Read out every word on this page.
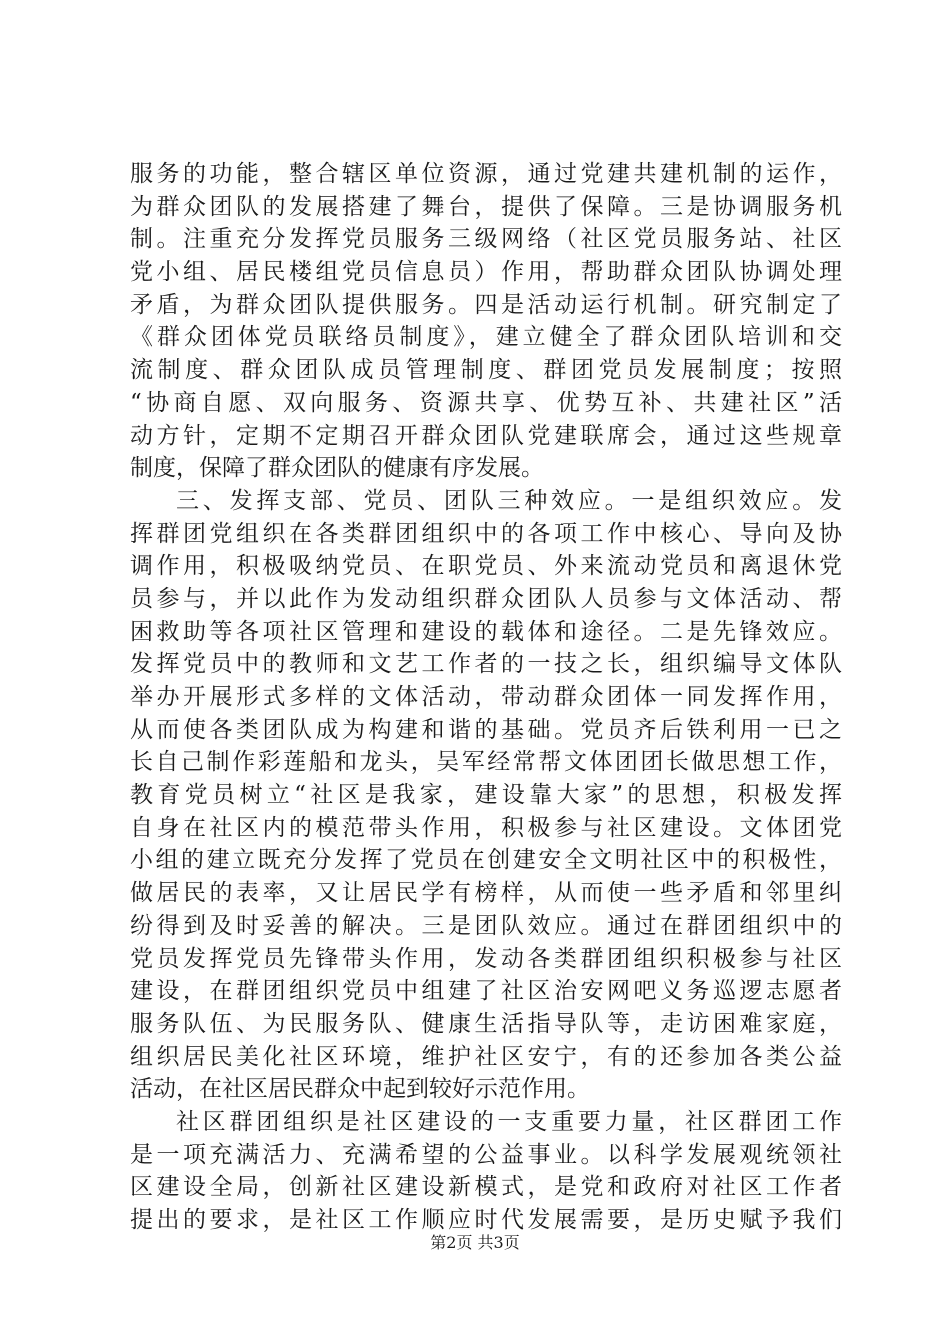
服务的功能，整合辖区单位资源，通过党建共建机制的运作，
为群众团队的发展搭建了舞台，提供了保障。三是协调服务机
制。注重充分发挥党员服务三级网络（社区党员服务站、社区
党小组、居民楼组党员信息员）作用，帮助群众团队协调处理
矛盾，为群众团队提供服务。四是活动运行机制。研究制定了
《群众团体党员联络员制度》，建立健全了群众团队培训和交
流制度、群众团队成员管理制度、群团党员发展制度；按照
“协商自愿、双向服务、资源共享、优势互补、共建社区”活
动方针，定期不定期召开群众团队党建联席会，通过这些规章
制度，保障了群众团队的健康有序发展。
三、发挥支部、党员、团队三种效应。一是组织效应。发
挥群团党组织在各类群团组织中的各项工作中核心、导向及协
调作用，积极吸纳党员、在职党员、外来流动党员和离退休党
员参与，并以此作为发动组织群众团队人员参与文体活动、帮
困救助等各项社区管理和建设的载体和途径。二是先锋效应。
发挥党员中的教师和文艺工作者的一技之长，组织编导文体队
举办开展形式多样的文体活动，带动群众团体一同发挥作用，
从而使各类团队成为构建和谐的基础。党员齐后铁利用一已之
长自己制作彩莲船和龙头，吴军经常帮文体团团长做思想工作，
教育党员树立“社区是我家，建设靠大家”的思想，积极发挥
自身在社区内的模范带头作用，积极参与社区建设。文体团党
小组的建立既充分发挥了党员在创建安全文明社区中的积极性，
做居民的表率，又让居民学有榜样，从而使一些矛盾和邻里纠
纷得到及时妥善的解决。三是团队效应。通过在群团组织中的
党员发挥党员先锋带头作用，发动各类群团组织积极参与社区
建设，在群团组织党员中组建了社区治安网吧义务巡逻志愿者
服务队伍、为民服务队、健康生活指导队等，走访困难家庭，
组织居民美化社区环境，维护社区安宁，有的还参加各类公益
活动，在社区居民群众中起到较好示范作用。
社区群团组织是社区建设的一支重要力量，社区群团工作
是一项充满活力、充满希望的公益事业。以科学发展观统领社
区建设全局，创新社区建设新模式，是党和政府对社区工作者
提出的要求，是社区工作顺应时代发展需要，是历史赋予我们
第2页 共3页
